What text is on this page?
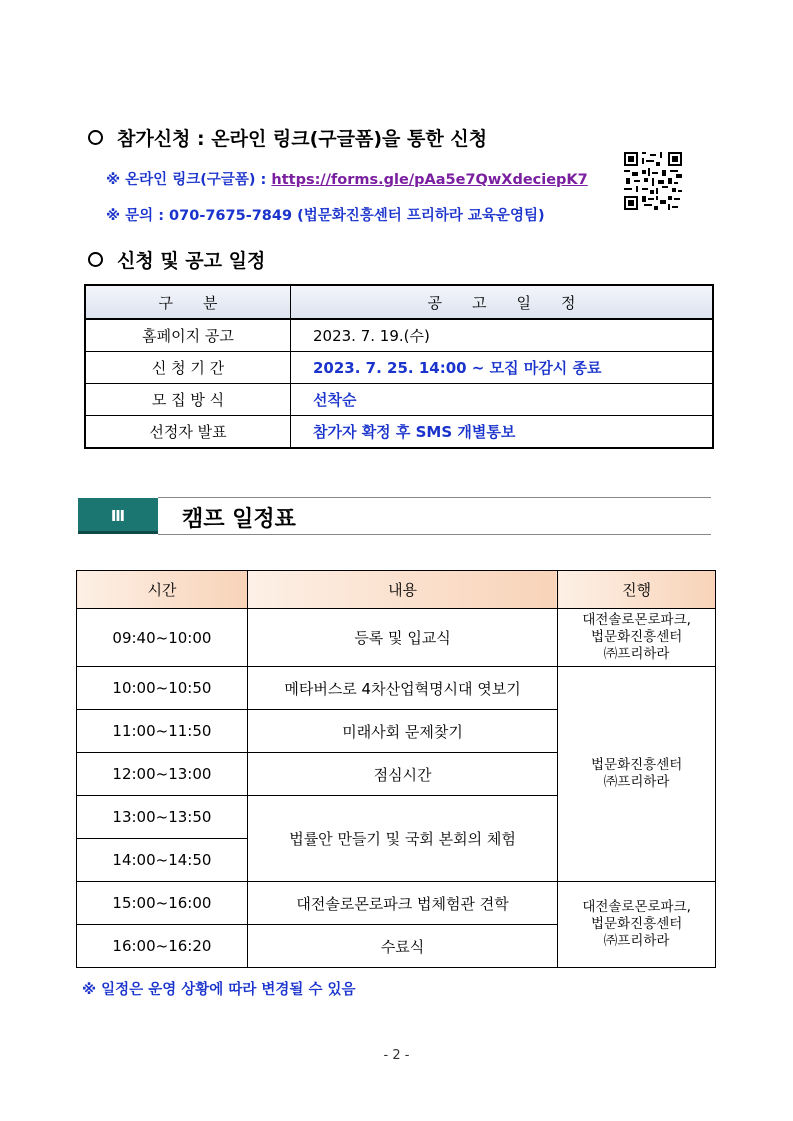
참가신청 : 온라인 링크(구글폼)을 통한 신청
※ 온라인 링크(구글폼) : https://forms.gle/pAa5e7QwXdeciepK7
※ 문의 : 070-7675-7849 (법문화진흥센터 프리하라 교육운영팀)
신청 및 공고 일정
구　　분	공　　고　　일　　정
홈페이지 공고	2023. 7. 19.(수)
신 청 기 간	2023. 7. 25. 14:00 ~ 모집 마감시 종료
모 집 방 식	선착순
선정자 발표	참가자 확정 후 SMS 개별통보
Ⅲ	캠프 일정표
시간	내용	진행
09:40~10:00	등록 및 입교식	대전솔로몬로파크,
법문화진흥센터
㈜프리하라

10:00~10:50	메타버스로 4차산업혁명시대 엿보기	법문화진흥센터
㈜프리하라

11:00~11:50	미래사회 문제찾기	
12:00~13:00	점심시간	
13:00~13:50	법률안 만들기 및 국회 본회의 체험	
14:00~14:50		
15:00~16:00	대전솔로몬로파크 법체험관 견학	대전솔로몬로파크,
법문화진흥센터
㈜프리하라

16:00~16:20	수료식	
※ 일정은 운영 상황에 따라 변경될 수 있음
- 2 -
